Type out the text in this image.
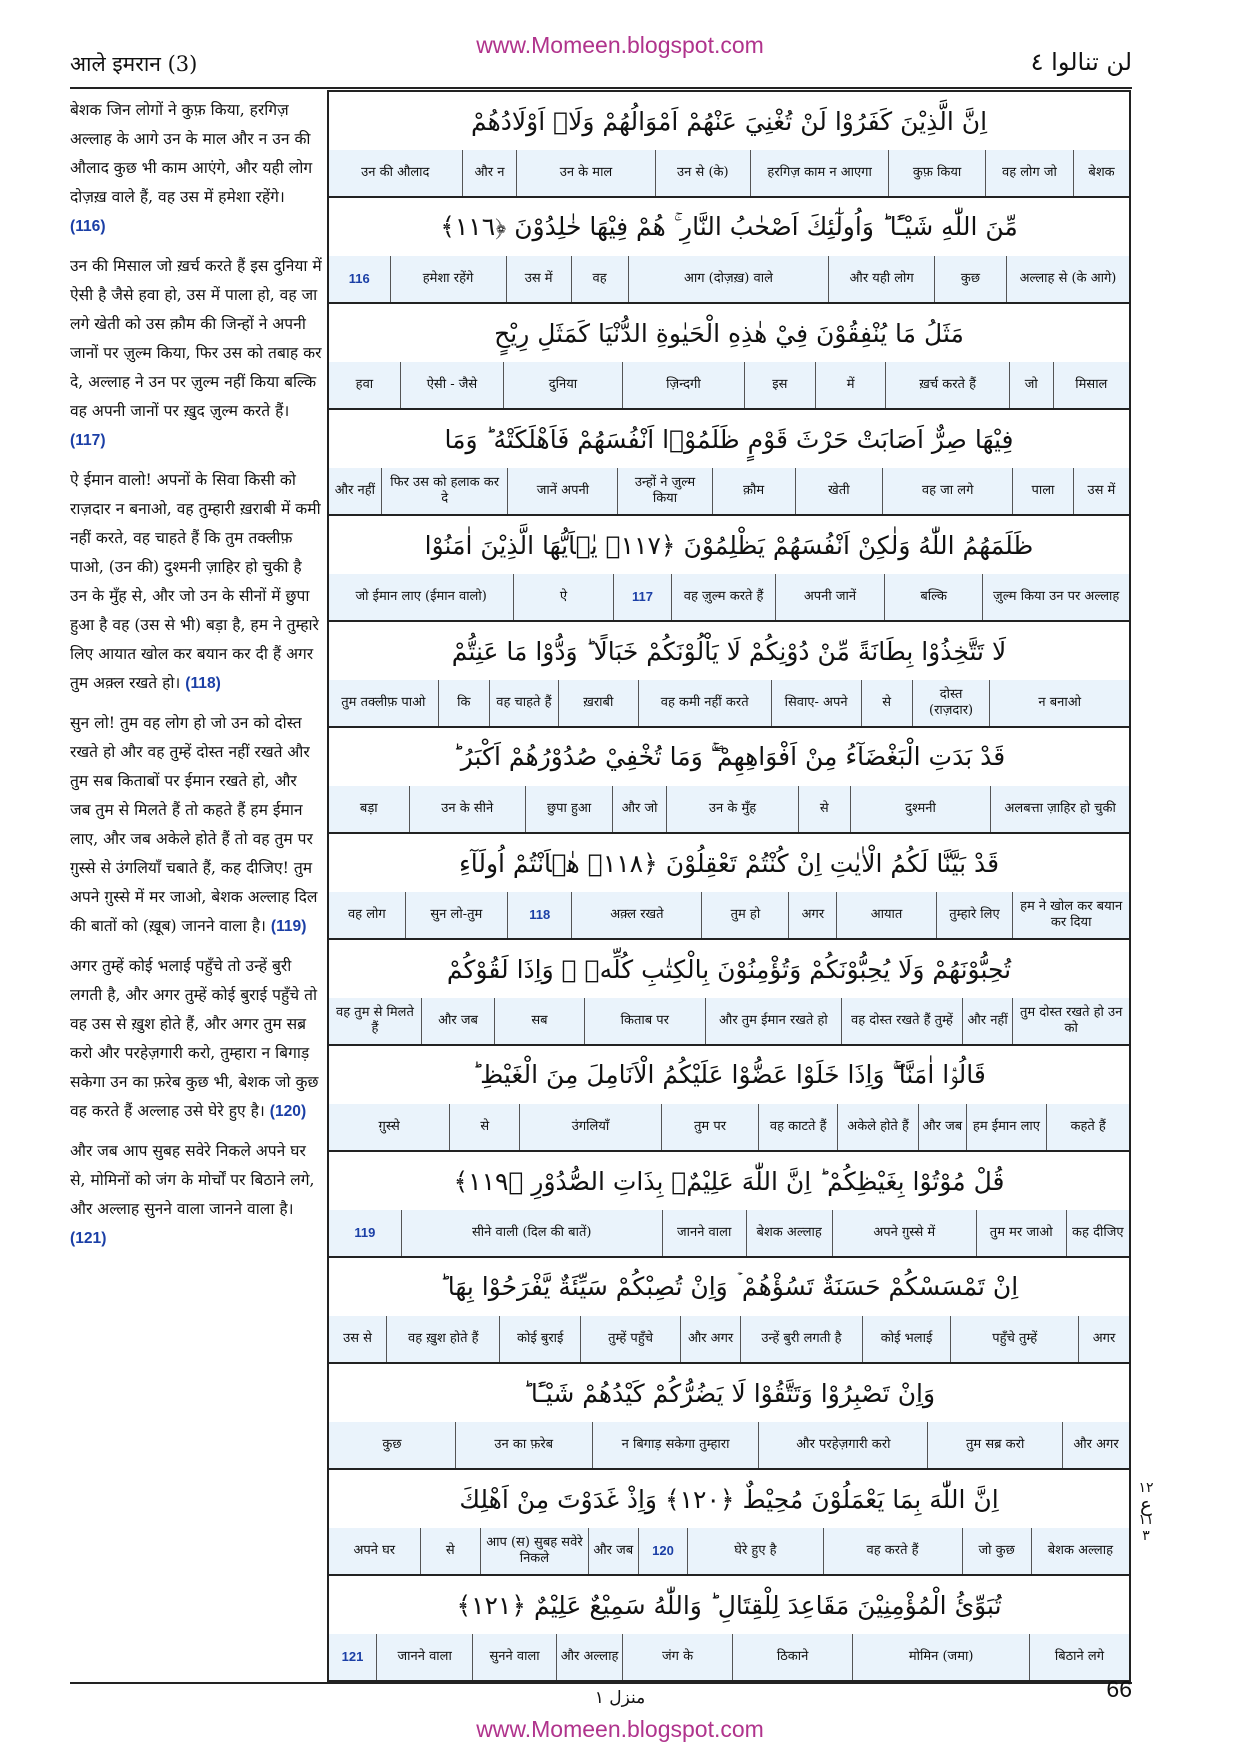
आले इमरान (3)
www.Momeen.blogspot.com
لن تنالوا ٤
बेशक जिन लोगों ने कुफ़ किया, हरगिज़ अल्लाह के आगे उन के माल और न उन की औलाद कुछ भी काम आएंगे, और यही लोग दोज़ख़ वाले हैं, वह उस में हमेशा रहेंगे। (116)
उन की मिसाल जो ख़र्च करते हैं इस दुनिया में ऐसी है जैसे हवा हो, उस में पाला हो, वह जा लगे खेती को उस क़ौम की जिन्हों ने अपनी जानों पर ज़ुल्म किया, फिर उस को तबाह कर दे, अल्लाह ने उन पर ज़ुल्म नहीं किया बल्कि वह अपनी जानों पर ख़ुद ज़ुल्म करते हैं। (117)
ऐ ईमान वालो! अपनों के सिवा किसी को राज़दार न बनाओ, वह तुम्हारी ख़राबी में कमी नहीं करते, वह चाहते हैं कि तुम तक्लीफ़ पाओ, (उन की) दुश्मनी ज़ाहिर हो चुकी है उन के मुँह से, और जो उन के सीनों में छुपा हुआ है वह (उस से भी) बड़ा है, हम ने तुम्हारे लिए आयात खोल कर बयान कर दी हैं अगर तुम अक़्ल रखते हो। (118)
सुन लो! तुम वह लोग हो जो उन को दोस्त रखते हो और वह तुम्हें दोस्त नहीं रखते और तुम सब किताबों पर ईमान रखते हो, और जब तुम से मिलते हैं तो कहते हैं हम ईमान लाए, और जब अकेले होते हैं तो वह तुम पर ग़ुस्से से उंगलियाँ चबाते हैं, कह दीजिए! तुम अपने ग़ुस्से में मर जाओ, बेशक अल्लाह दिल की बातों को (ख़ूब) जानने वाला है। (119)
अगर तुम्हें कोई भलाई पहुँचे तो उन्हें बुरी लगती है, और अगर तुम्हें कोई बुराई पहुँचे तो वह उस से ख़ुश होते हैं, और अगर तुम सब्र करो और परहेज़गारी करो, तुम्हारा न बिगाड़ सकेगा उन का फ़रेब कुछ भी, बेशक जो कुछ वह करते हैं अल्लाह उसे घेरे हुए है। (120)
और जब आप सुबह सवेरे निकले अपने घर से, मोमिनों को जंग के मोर्चों पर बिठाने लगे, और अल्लाह सुनने वाला जानने वाला है। (121)
اِنَّ الَّذِيْنَ كَفَرُوْا لَنْ تُغْنِيَ عَنْهُمْ اَمْوَالُهُمْ وَلَاۤ اَوْلَادُهُمْ
बेशक
वह लोग जो
कुफ़ किया
हरगिज़ काम न आएगा
उन से (के)
उन के माल
और न
उन की औलाद
مِّنَ اللّٰهِ شَيْـًٔا ؕ وَاُولٰٓئِكَ اَصْحٰبُ النَّارِ ۚ هُمْ فِيْهَا خٰلِدُوْنَ ﴿١١٦﴾
अल्लाह से (के आगे)
कुछ
और यही लोग
आग (दोज़ख़) वाले
वह
उस में
हमेशा रहेंगे
116
مَثَلُ مَا يُنْفِقُوْنَ فِيْ هٰذِهِ الْحَيٰوةِ الدُّنْيَا كَمَثَلِ رِيْحٍ
मिसाल
जो
ख़र्च करते हैं
में
इस
ज़िन्दगी
दुनिया
ऐसी - जैसे
हवा
فِيْهَا صِرٌّ اَصَابَتْ حَرْثَ قَوْمٍ ظَلَمُوْۤا اَنْفُسَهُمْ فَاَهْلَكَتْهُ ؕ وَمَا
उस में
पाला
वह जा लगे
खेती
क़ौम
उन्हों ने ज़ुल्म किया
जानें अपनी
फिर उस को हलाक कर दे
और नहीं
ظَلَمَهُمُ اللّٰهُ وَلٰكِنْ اَنْفُسَهُمْ يَظْلِمُوْنَ ﴿١١٧﴾ يٰۤاَيُّهَا الَّذِيْنَ اٰمَنُوْا
ज़ुल्म किया उन पर अल्लाह
बल्कि
अपनी जानें
वह ज़ुल्म करते हैं
117
ऐ
जो ईमान लाए (ईमान वालो)
لَا تَتَّخِذُوْا بِطَانَةً مِّنْ دُوْنِكُمْ لَا يَاْلُوْنَكُمْ خَبَالًا ؕ وَدُّوْا مَا عَنِتُّمْ
न बनाओ
दोस्त (राज़दार)
से
सिवाए- अपने
वह कमी नहीं करते
ख़राबी
वह चाहते हैं
कि
तुम तक्लीफ़ पाओ
قَدْ بَدَتِ الْبَغْضَآءُ مِنْ اَفْوَاهِهِمْ ۚۖ وَمَا تُخْفِيْ صُدُوْرُهُمْ اَكْبَرُ ؕ
अलबत्ता ज़ाहिर हो चुकी
दुश्मनी
से
उन के मुँह
और जो
छुपा हुआ
उन के सीने
बड़ा
قَدْ بَيَّنَّا لَكُمُ الْاٰيٰتِ اِنْ كُنْتُمْ تَعْقِلُوْنَ ﴿١١٨﴾ هٰۤاَنْتُمْ اُولَآءِ
हम ने खोल कर बयान कर दिया
तुम्हारे लिए
आयात
अगर
तुम हो
अक़्ल रखते
118
सुन लो-तुम
वह लोग
تُحِبُّوْنَهُمْ وَلَا يُحِبُّوْنَكُمْ وَتُؤْمِنُوْنَ بِالْكِتٰبِ كُلِّهٖ ۚ وَاِذَا لَقُوْكُمْ
तुम दोस्त रखते हो उन को
और नहीं
वह दोस्त रखते हैं तुम्हें
और तुम ईमान रखते हो
किताब पर
सब
और जब
वह तुम से मिलते हैं
قَالُوْۤا اٰمَنَّا ۚۖ وَاِذَا خَلَوْا عَضُّوْا عَلَيْكُمُ الْاَنَامِلَ مِنَ الْغَيْظِ ؕ
कहते हैं
हम ईमान लाए
और जब
अकेले होते हैं
वह काटते हैं
तुम पर
उंगलियाँ
से
ग़ुस्से
قُلْ مُوْتُوْا بِغَيْظِكُمْ ؕ اِنَّ اللّٰهَ عَلِيْمٌۢ بِذَاتِ الصُّدُوْرِ ﴿١١٩﴾
कह दीजिए
तुम मर जाओ
अपने ग़ुस्से में
बेशक अल्लाह
जानने वाला
सीने वाली (दिल की बातें)
119
اِنْ تَمْسَسْكُمْ حَسَنَةٌ تَسُؤْهُمْ ۡ وَاِنْ تُصِبْكُمْ سَيِّئَةٌ يَّفْرَحُوْا بِهَا ؕ
अगर
पहुँचे तुम्हें
कोई भलाई
उन्हें बुरी लगती है
और अगर
तुम्हें पहुँचे
कोई बुराई
वह ख़ुश होते हैं
उस से
وَاِنْ تَصْبِرُوْا وَتَتَّقُوْا لَا يَضُرُّكُمْ كَيْدُهُمْ شَيْـًٔا ؕ
और अगर
तुम सब्र करो
और परहेज़गारी करो
न बिगाड़ सकेगा तुम्हारा
उन का फ़रेब
कुछ
اِنَّ اللّٰهَ بِمَا يَعْمَلُوْنَ مُحِيْطٌ ﴿١٢٠﴾ وَاِذْ غَدَوْتَ مِنْ اَهْلِكَ
बेशक अल्लाह
जो कुछ
वह करते हैं
घेरे हुए है
120
और जब
आप (स) सुबह सवेरे निकले
से
अपने घर
تُبَوِّئُ الْمُؤْمِنِيْنَ مَقَاعِدَ لِلْقِتَالِ ؕ وَاللّٰهُ سَمِيْعٌ عَلِيْمٌ ﴿١٢١﴾
बिठाने लगे
मोमिन (जमा)
ठिकाने
जंग के
और अल्लाह
सुनने वाला
जानने वाला
121
١٢
ع
١١
٣
منزل ١	66
www.Momeen.blogspot.com
